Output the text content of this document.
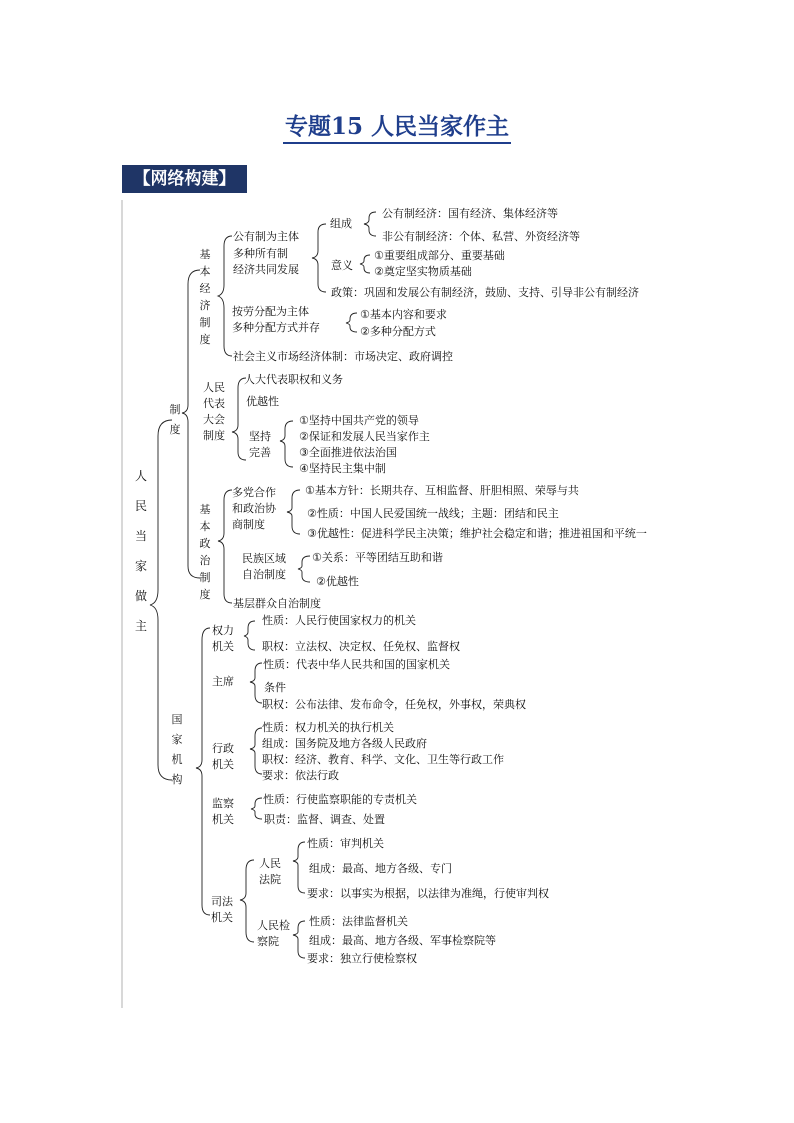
专题15 人民当家作主
【网络构建】
人民当家做主
制度
国家机构
基本经济制度
公有制为主体
多种所有制
经济共同发展
组成
公有制经济：国有经济、集体经济等
非公有制经济：个体、私营、外资经济等
意义
①重要组成部分、重要基础
②奠定坚实物质基础
政策：巩固和发展公有制经济，鼓励、支持、引导非公有制经济
按劳分配为主体
多种分配方式并存
①基本内容和要求
②多种分配方式
社会主义市场经济体制：市场决定、政府调控
人民
代表
大会
制度
人大代表职权和义务
优越性
坚持
完善
①坚持中国共产党的领导
②保证和发展人民当家作主
③全面推进依法治国
④坚持民主集中制
基本政治制度
多党合作
和政治协
商制度
①基本方针：长期共存、互相监督、肝胆相照、荣辱与共
②性质：中国人民爱国统一战线；主题：团结和民主
③优越性：促进科学民主决策；维护社会稳定和谐；推进祖国和平统一
民族区域
自治制度
①关系：平等团结互助和谐
②优越性
基层群众自治制度
权力
机关
性质：人民行使国家权力的机关
职权：立法权、决定权、任免权、监督权
主席
性质：代表中华人民共和国的国家机关
条件
职权：公布法律、发布命令，任免权，外事权，荣典权
行政
机关
性质：权力机关的执行机关
组成：国务院及地方各级人民政府
职权：经济、教育、科学、文化、卫生等行政工作
要求：依法行政
监察
机关
性质：行使监察职能的专责机关
职责：监督、调查、处置
司法
机关
人民
法院
性质：审判机关
组成：最高、地方各级、专门
要求：以事实为根据，以法律为准绳，行使审判权
人民检
察院
性质：法律监督机关
组成：最高、地方各级、军事检察院等
要求：独立行使检察权
